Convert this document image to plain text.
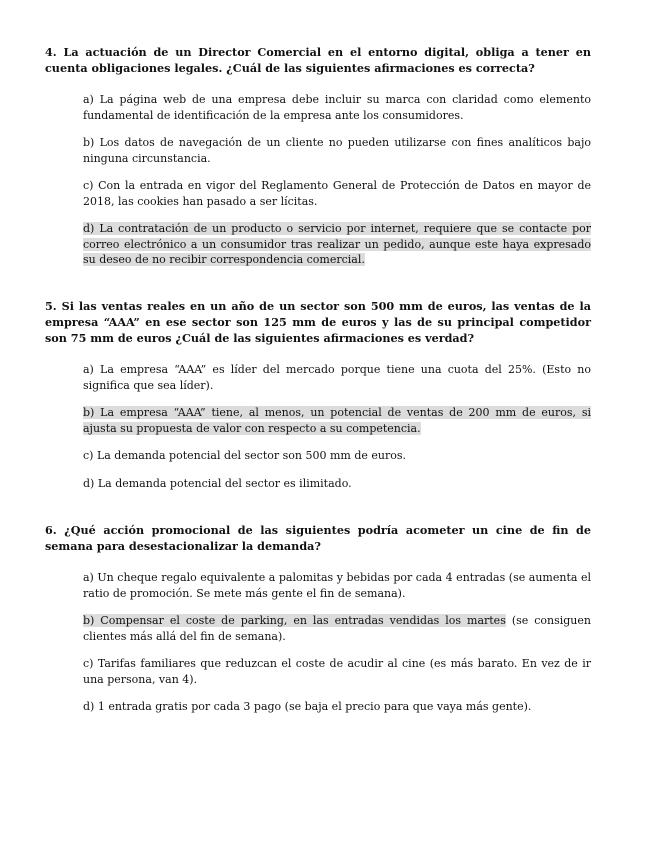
4. La actuación de un Director Comercial en el entorno digital, obliga a tener en cuenta obligaciones legales. ¿Cuál de las siguientes afirmaciones es correcta?

a) La página web de una empresa debe incluir su marca con claridad como elemento fundamental de identificación de la empresa ante los consumidores.

b) Los datos de navegación de un cliente no pueden utilizarse con fines analíticos bajo ninguna circunstancia.

c) Con la entrada en vigor del Reglamento General de Protección de Datos en mayor de 2018, las cookies han pasado a ser lícitas.

d) La contratación de un producto o servicio por internet, requiere que se contacte por correo electrónico a un consumidor tras realizar un pedido, aunque este haya expresado su deseo de no recibir correspondencia comercial.

5. Si las ventas reales en un año de un sector son 500 mm de euros, las ventas de la empresa “AAA” en ese sector son 125 mm de euros y las de su principal competidor son 75 mm de euros ¿Cuál de las siguientes afirmaciones es verdad?

a) La empresa “AAA” es líder del mercado porque tiene una cuota del 25%. (Esto no significa que sea líder).

b) La empresa “AAA” tiene, al menos, un potencial de ventas de 200 mm de euros, si ajusta su propuesta de valor con respecto a su competencia.

c) La demanda potencial del sector son 500 mm de euros.

d) La demanda potencial del sector es ilimitado.

6. ¿Qué acción promocional de las siguientes podría acometer un cine de fin de semana para desestacionalizar la demanda?

a) Un cheque regalo equivalente a palomitas y bebidas por cada 4 entradas (se aumenta el ratio de promoción. Se mete más gente el fin de semana).

b) Compensar el coste de parking, en las entradas vendidas los martes (se consiguen clientes más allá del fin de semana).

c) Tarifas familiares que reduzcan el coste de acudir al cine (es más barato. En vez de ir una persona, van 4).

d) 1 entrada gratis por cada 3 pago (se baja el precio para que vaya más gente).
